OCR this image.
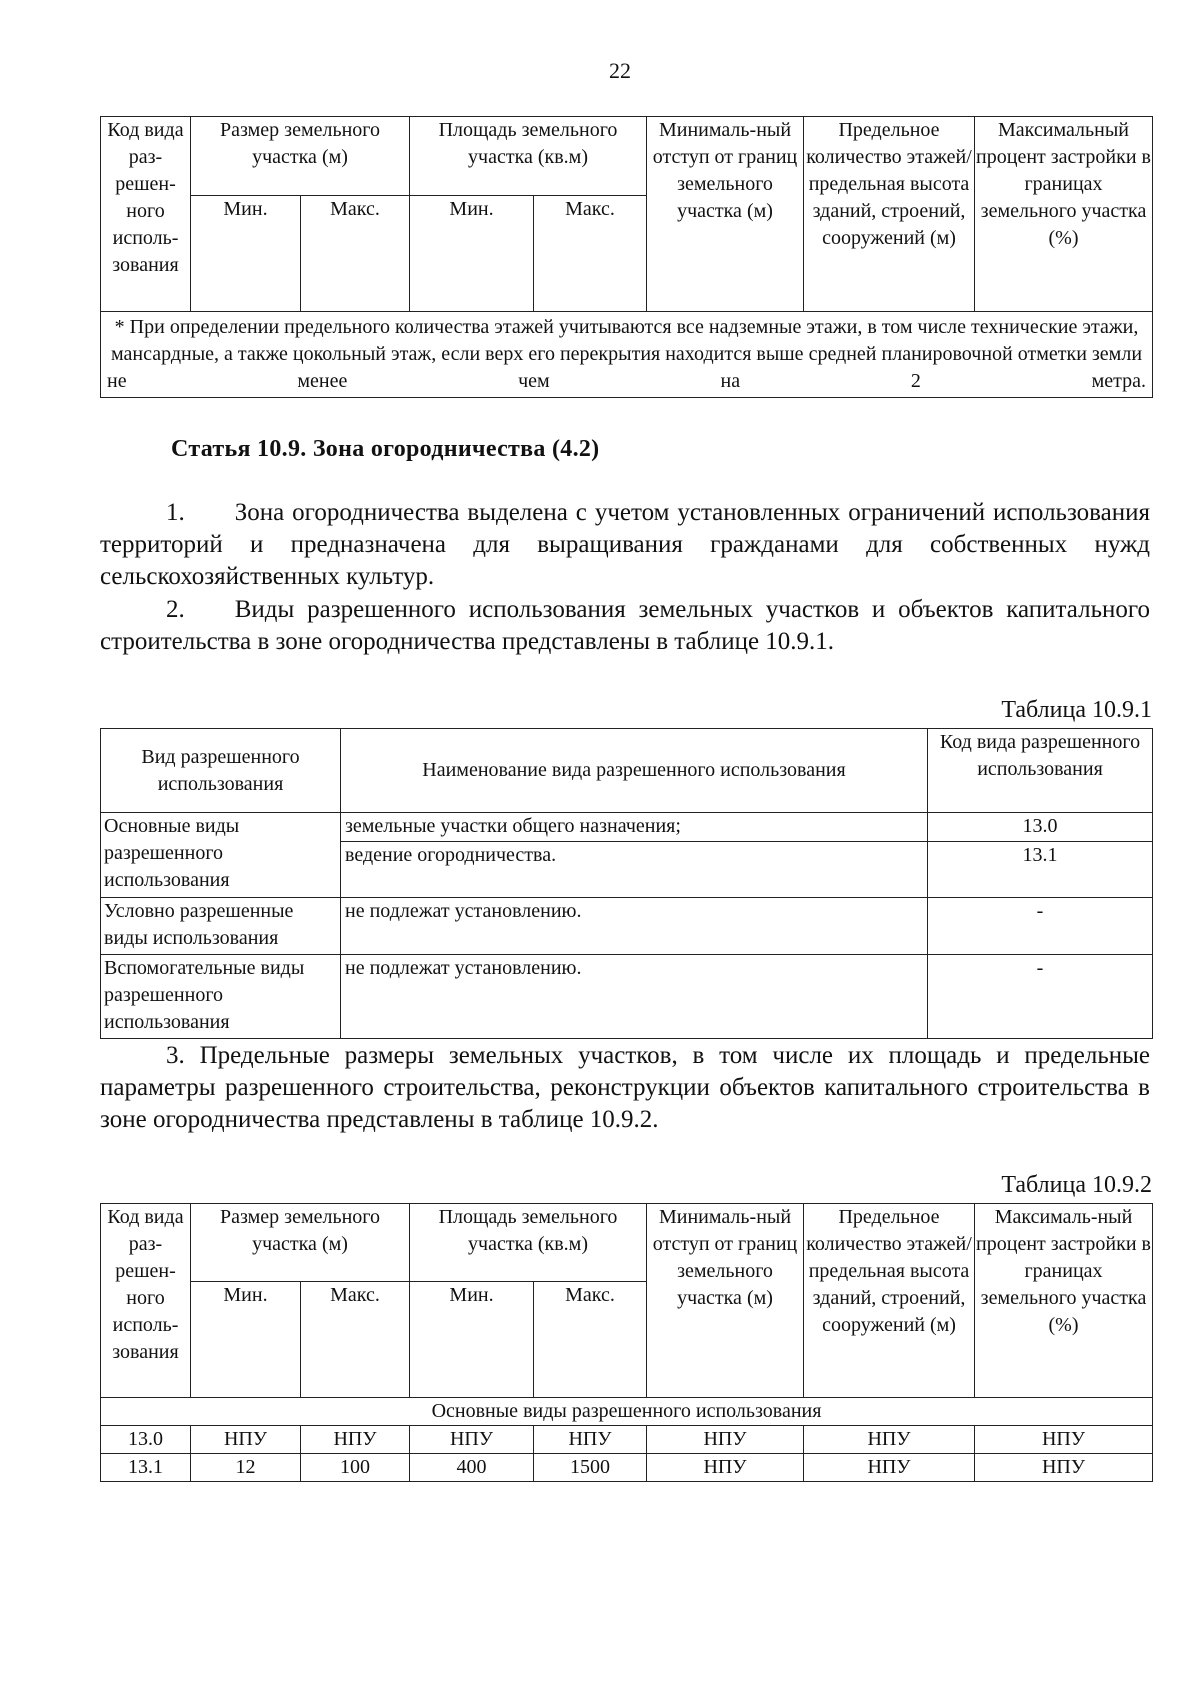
22
Код вида раз-решен-ного исполь-зования	Размер земельного участка (м)		Площадь земельного участка (кв.м)		Минималь-ный отступ от границ земельного участка (м)	Предельное количество этажей/ предельная высота зданий, строений, сооружений (м)	Максимальный процент застройки в границах земельного участка (%)
	Мин.	Макс.	Мин.	Макс.			
* При определении предельного количества этажей учитываются все надземные этажи, в том числе технические этажи, мансардные, а также цокольный этаж, если верх его перекрытия находится выше средней планировочной отметки земли не менее чем на 2 метра.							
Статья 10.9. Зона огородничества (4.2)
1.  Зона огородничества выделена с учетом установленных ограничений использования территорий и предназначена для выращивания гражданами для собственных нужд сельскохозяйственных культур.
2.  Виды разрешенного использования земельных участков и объектов капитального строительства в зоне огородничества представлены в таблице 10.9.1.
Таблица 10.9.1
Вид разрешенного использования	Наименование вида разрешенного использования	Код вида разрешенного использования
Основные виды разрешенного использования	земельные участки общего назначения;	13.0
	ведение огородничества.	13.1
Условно разрешенные виды использования	не подлежат установлению.	-
Вспомогательные виды разрешенного использования	не подлежат установлению.	-
3. Предельные размеры земельных участков, в том числе их площадь и предельные параметры разрешенного строительства, реконструкции объектов капитального строительства в зоне огородничества представлены в таблице 10.9.2.
Таблица 10.9.2
Код вида раз-решен-ного исполь-зования	Размер земельного участка (м)		Площадь земельного участка (кв.м)		Минималь-ный отступ от границ земельного участка (м)	Предельное количество этажей/ предельная высота зданий, строений, сооружений (м)	Максималь-ный процент застройки в границах земельного участка (%)
	Мин.	Макс.	Мин.	Макс.			
Основные виды разрешенного использования							
13.0	НПУ	НПУ	НПУ	НПУ	НПУ	НПУ	НПУ
13.1	12	100	400	1500	НПУ	НПУ	НПУ
